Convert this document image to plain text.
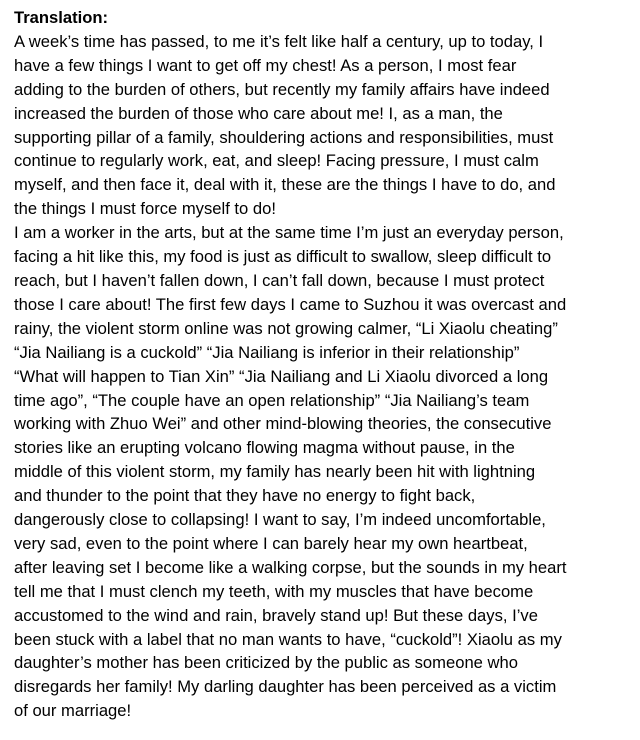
Translation:

A week’s time has passed, to me it’s felt like half a century, up to today, I
have a few things I want to get off my chest! As a person, I most fear
adding to the burden of others, but recently my family affairs have indeed
increased the burden of those who care about me! I, as a man, the
supporting pillar of a family, shouldering actions and responsibilities, must
continue to regularly work, eat, and sleep! Facing pressure, I must calm
myself, and then face it, deal with it, these are the things I have to do, and
the things I must force myself to do!

I am a worker in the arts, but at the same time I’m just an everyday person,
facing a hit like this, my food is just as difficult to swallow, sleep difficult to
reach, but I haven’t fallen down, I can’t fall down, because I must protect
those I care about! The first few days I came to Suzhou it was overcast and
rainy, the violent storm online was not growing calmer, “Li Xiaolu cheating”
“Jia Nailiang is a cuckold” “Jia Nailiang is inferior in their relationship”
“What will happen to Tian Xin” “Jia Nailiang and Li Xiaolu divorced a long
time ago”, “The couple have an open relationship” “Jia Nailiang’s team
working with Zhuo Wei” and other mind-blowing theories, the consecutive
stories like an erupting volcano flowing magma without pause, in the
middle of this violent storm, my family has nearly been hit with lightning
and thunder to the point that they have no energy to fight back,
dangerously close to collapsing! I want to say, I’m indeed uncomfortable,
very sad, even to the point where I can barely hear my own heartbeat,
after leaving set I become like a walking corpse, but the sounds in my heart
tell me that I must clench my teeth, with my muscles that have become
accustomed to the wind and rain, bravely stand up! But these days, I’ve
been stuck with a label that no man wants to have, “cuckold”! Xiaolu as my
daughter’s mother has been criticized by the public as someone who
disregards her family! My darling daughter has been perceived as a victim
of our marriage!
